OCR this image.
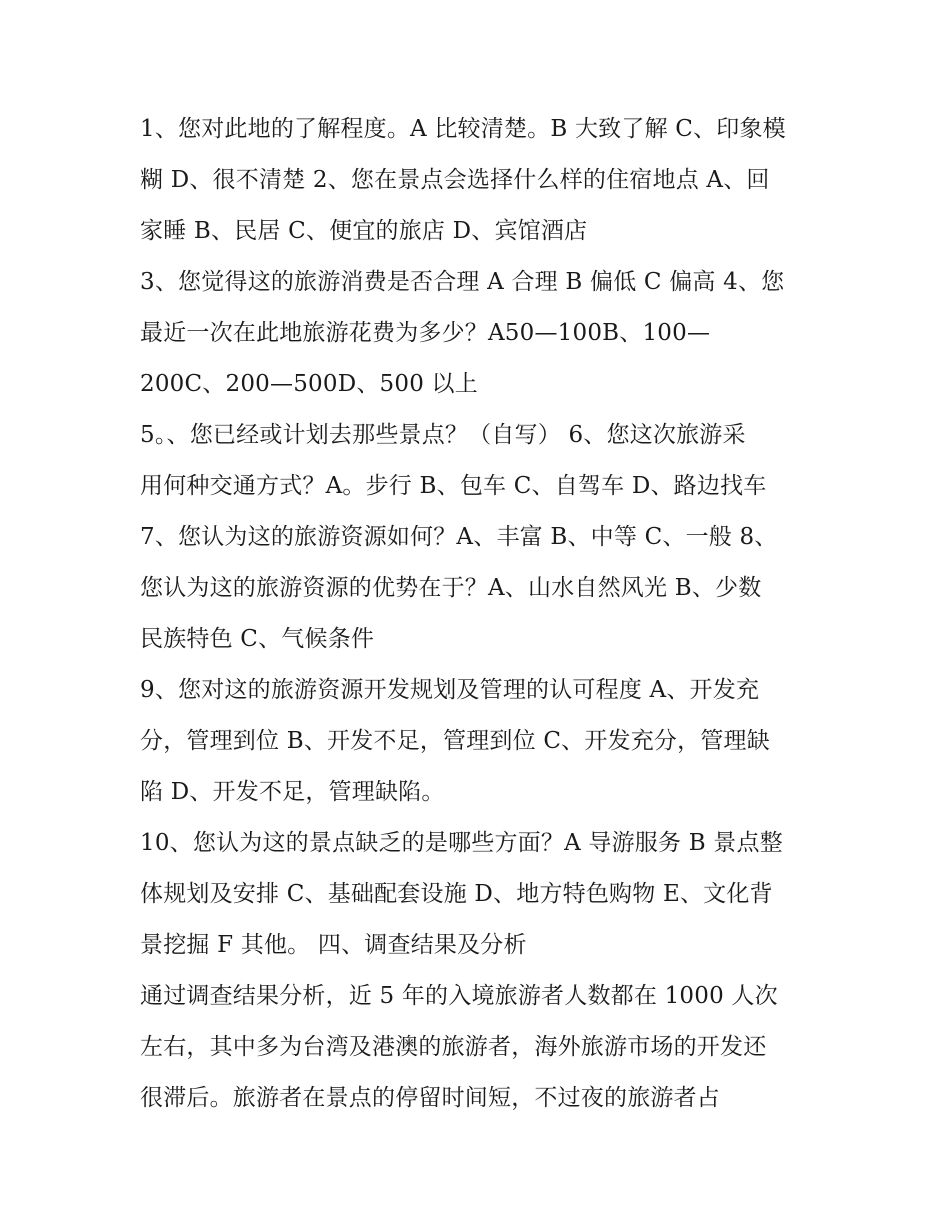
1、您对此地的了解程度。A 比较清楚。B 大致了解 C、印象模
糊 D、很不清楚 2、您在景点会选择什么样的住宿地点 A、回
家睡 B、民居 C、便宜的旅店 D、宾馆酒店
3、您觉得这的旅游消费是否合理 A 合理 B 偏低 C 偏高 4、您
最近一次在此地旅游花费为多少？A50—100B、100—
200C、200—500D、500 以上
5。、您已经或计划去那些景点？（自写） 6、您这次旅游采
用何种交通方式？A。步行 B、包车 C、自驾车 D、路边找车
7、您认为这的旅游资源如何？A、丰富 B、中等 C、一般 8、
您认为这的旅游资源的优势在于？A、山水自然风光 B、少数
民族特色 C、气候条件
9、您对这的旅游资源开发规划及管理的认可程度 A、开发充
分，管理到位 B、开发不足，管理到位 C、开发充分，管理缺
陷 D、开发不足，管理缺陷。
10、您认为这的景点缺乏的是哪些方面？A 导游服务 B 景点整
体规划及安排 C、基础配套设施 D、地方特色购物 E、文化背
景挖掘 F 其他。 四、调查结果及分析
通过调查结果分析，近 5 年的入境旅游者人数都在 1000 人次
左右，其中多为台湾及港澳的旅游者，海外旅游市场的开发还
很滞后。旅游者在景点的停留时间短，不过夜的旅游者占
